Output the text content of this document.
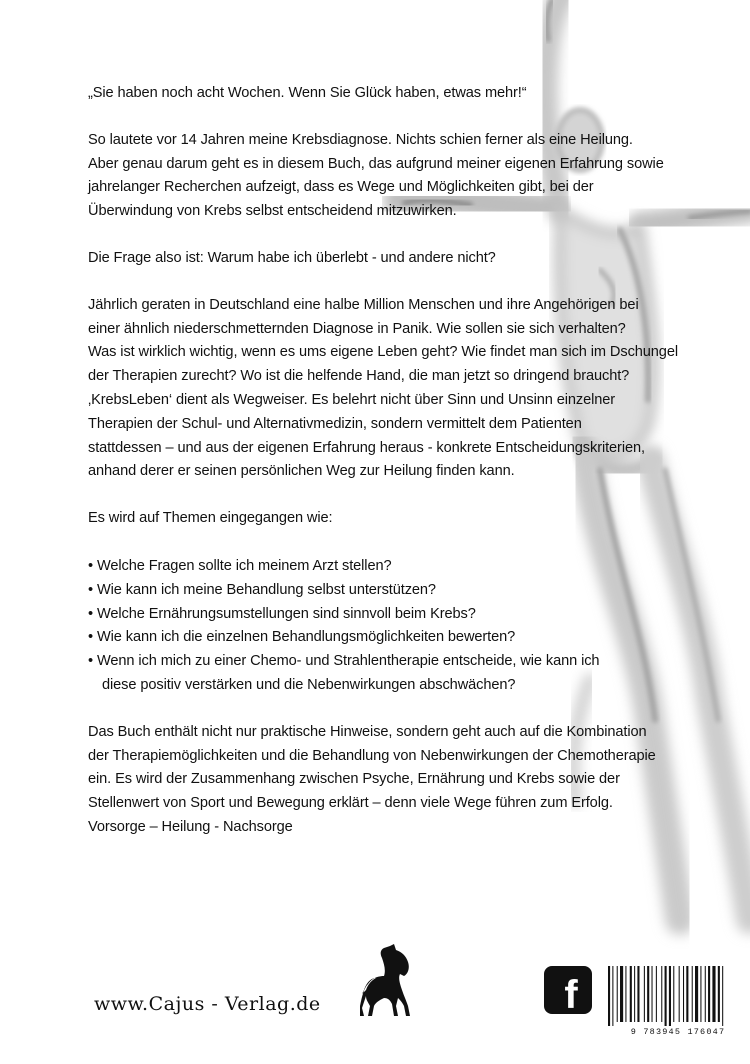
„Sie haben noch acht Wochen. Wenn Sie Glück haben, etwas mehr!“

So lautete vor 14 Jahren meine Krebsdiagnose. Nichts schien ferner als eine Heilung.

Aber genau darum geht es in diesem Buch, das aufgrund meiner eigenen Erfahrung sowie

jahrelanger Recherchen aufzeigt, dass es Wege und Möglichkeiten gibt, bei der

Überwindung von Krebs selbst entscheidend mitzuwirken.

Die Frage also ist: Warum habe ich überlebt - und andere nicht?

Jährlich geraten in Deutschland eine halbe Million Menschen und ihre Angehörigen bei

einer ähnlich niederschmetternden Diagnose in Panik. Wie sollen sie sich verhalten?

Was ist wirklich wichtig, wenn es ums eigene Leben geht? Wie findet man sich im Dschungel

der Therapien zurecht? Wo ist die helfende Hand, die man jetzt so dringend braucht?

‚KrebsLeben‘ dient als Wegweiser. Es belehrt nicht über Sinn und Unsinn einzelner

Therapien der Schul- und Alternativmedizin, sondern vermittelt dem Patienten

stattdessen – und aus der eigenen Erfahrung heraus - konkrete Entscheidungskriterien,

anhand derer er seinen persönlichen Weg zur Heilung finden kann.

Es wird auf Themen eingegangen wie:

• Welche Fragen sollte ich meinem Arzt stellen?

• Wie kann ich meine Behandlung selbst unterstützen?

• Welche Ernährungsumstellungen sind sinnvoll beim Krebs?

• Wie kann ich die einzelnen Behandlungsmöglichkeiten bewerten?

• Wenn ich mich zu einer Chemo- und Strahlentherapie entscheide, wie kann ich

diese positiv verstärken und die Nebenwirkungen abschwächen?

Das Buch enthält nicht nur praktische Hinweise, sondern geht auch auf die Kombination

der Therapiemöglichkeiten und die Behandlung von Nebenwirkungen der Chemotherapie

ein. Es wird der Zusammenhang zwischen Psyche, Ernährung und Krebs sowie der

Stellenwert von Sport und Bewegung erklärt – denn viele Wege führen zum Erfolg.

Vorsorge – Heilung - Nachsorge

www.Cajus - Verlag.de	f
9 783945 176047
